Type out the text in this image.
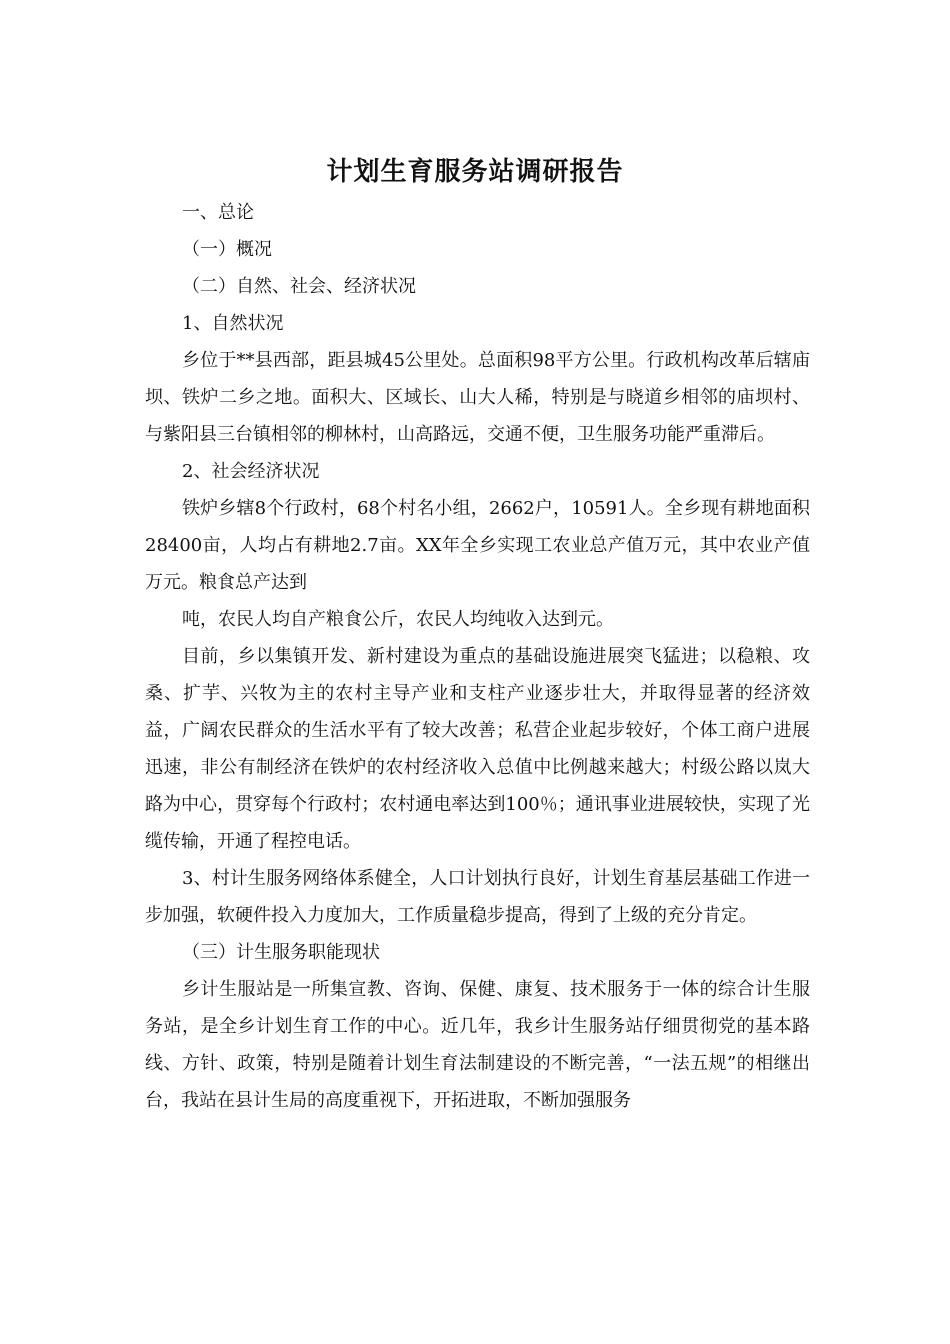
计划生育服务站调研报告

一、总论

（一）概况

（二）自然、社会、经济状况

1、自然状况

乡位于**县西部，距县城45公里处。总面积98平方公里。行政机构改革后辖庙坝、铁炉二乡之地。面积大、区域长、山大人稀，特别是与晓道乡相邻的庙坝村、与紫阳县三台镇相邻的柳林村，山高路远，交通不便，卫生服务功能严重滞后。

2、社会经济状况

铁炉乡辖8个行政村，68个村名小组，2662户，10591人。全乡现有耕地面积28400亩，人均占有耕地2.7亩。XX年全乡实现工农业总产值万元，其中农业产值万元。粮食总产达到

吨，农民人均自产粮食公斤，农民人均纯收入达到元。

目前，乡以集镇开发、新村建设为重点的基础设施进展突飞猛进；以稳粮、攻桑、扩芋、兴牧为主的农村主导产业和支柱产业逐步壮大，并取得显著的经济效益，广阔农民群众的生活水平有了较大改善；私营企业起步较好，个体工商户进展迅速，非公有制经济在铁炉的农村经济收入总值中比例越来越大；村级公路以岚大路为中心，贯穿每个行政村；农村通电率达到100％；通讯事业进展较快，实现了光缆传输，开通了程控电话。

3、村计生服务网络体系健全，人口计划执行良好，计划生育基层基础工作进一步加强，软硬件投入力度加大，工作质量稳步提高，得到了上级的充分肯定。

（三）计生服务职能现状

乡计生服站是一所集宣教、咨询、保健、康复、技术服务于一体的综合计生服务站，是全乡计划生育工作的中心。近几年，我乡计生服务站仔细贯彻党的基本路线、方针、政策，特别是随着计划生育法制建设的不断完善，“一法五规”的相继出台，我站在县计生局的高度重视下，开拓进取，不断加强服务
